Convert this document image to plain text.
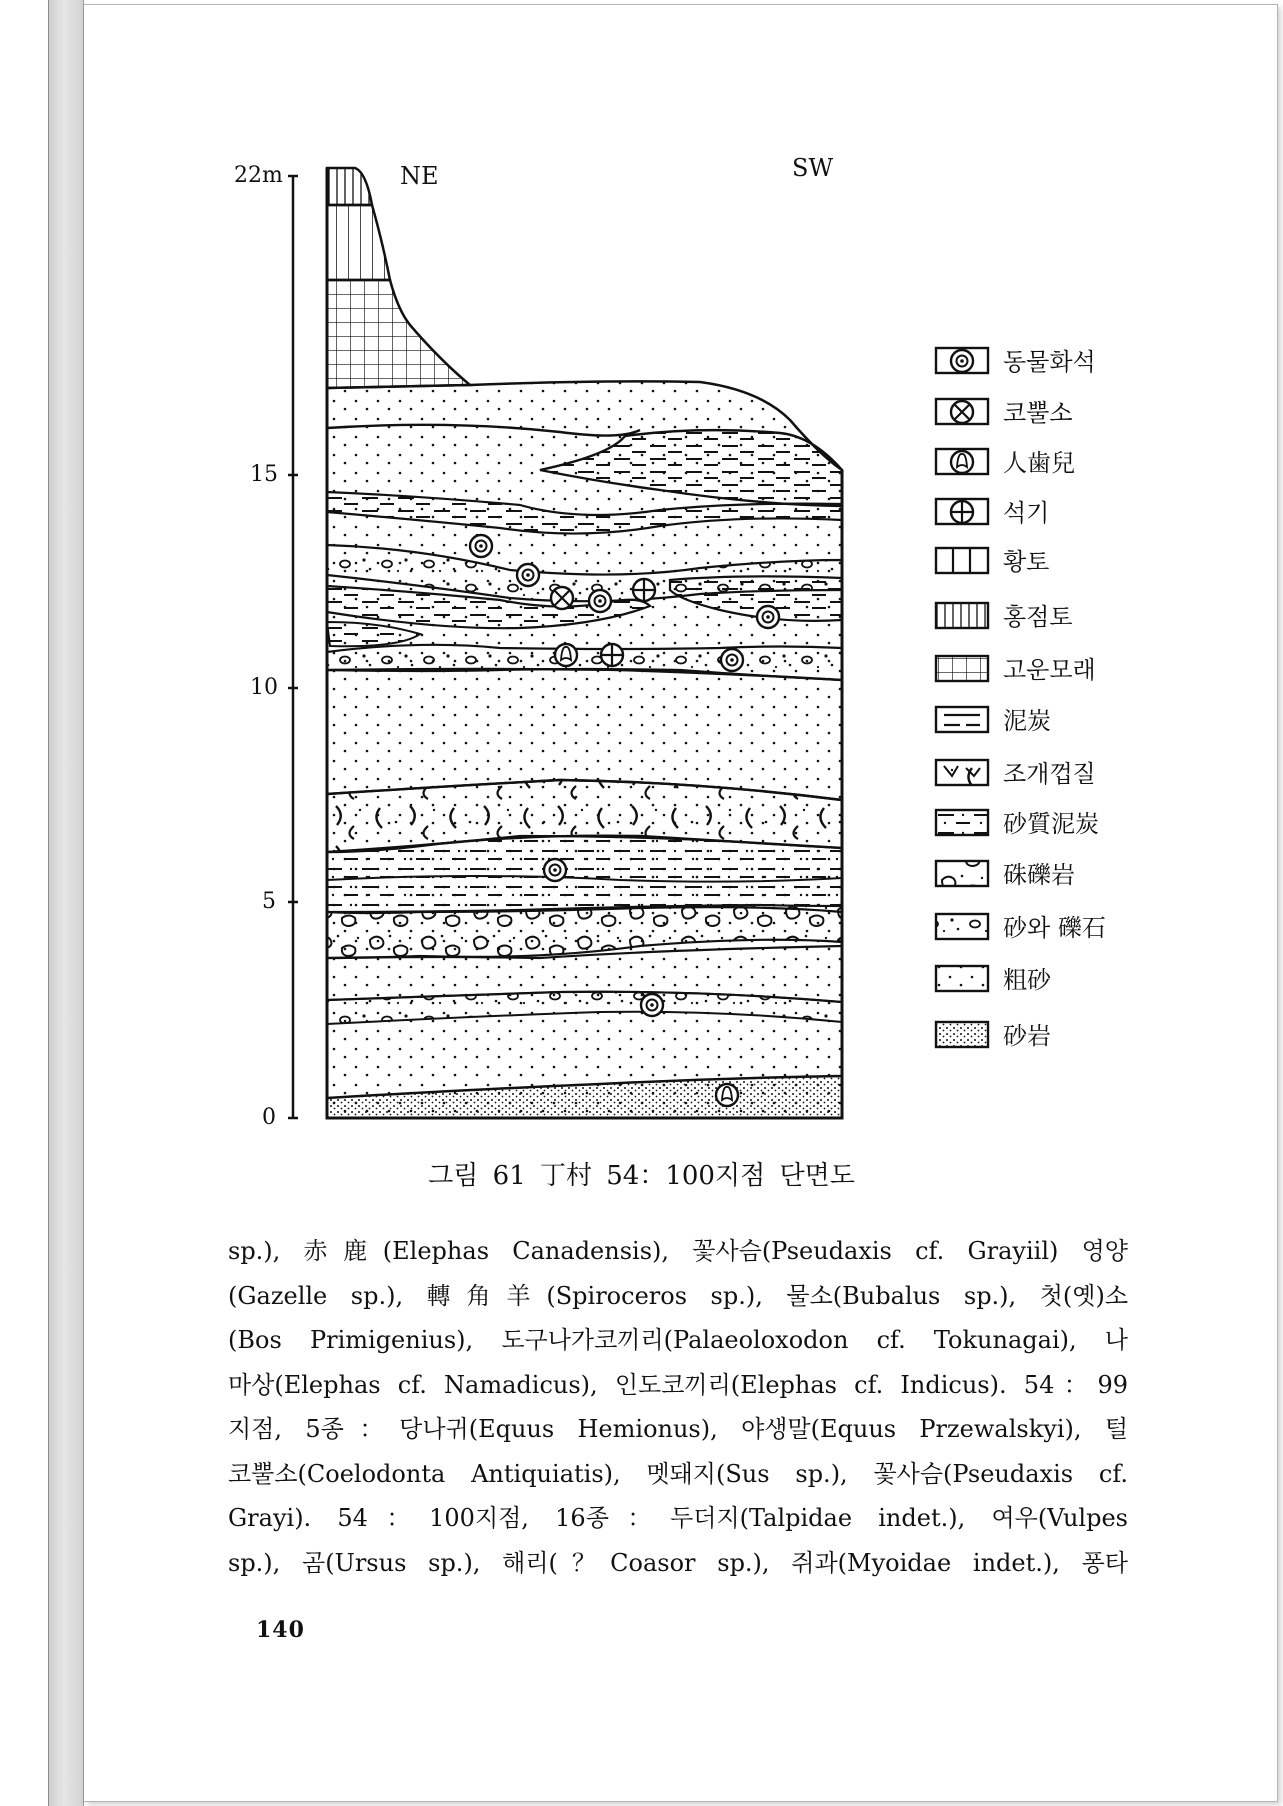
22m
15
10
5
0
NE	SW
동물화석
코뿔소
人歯兒
석기
황토
홍점토
고운모래
泥炭
조개껍질
砂質泥炭
硃礫岩
砂와 礫石
粗砂
砂岩
그림 61 丁村 54：100지점 단면도
sp.), 赤鹿(Elephas Canadensis), 꽃사슴(Pseudaxis cf. Grayiil) 영양
(Gazelle sp.), 轉角羊(Spiroceros sp.), 물소(Bubalus sp.), 첫(옛)소
(Bos Primigenius), 도구나가코끼리(Palaeoloxodon cf. Tokunagai), 나
마상(Elephas cf. Namadicus), 인도코끼리(Elephas cf. Indicus). 54：99
지점, 5종：당나귀(Equus Hemionus), 야생말(Equus Przewalskyi), 털
코뿔소(Coelodonta Antiquiatis), 멧돼지(Sus sp.), 꽃사슴(Pseudaxis cf.
Grayi). 54：100지점, 16종：두더지(Talpidae indet.), 여우(Vulpes
sp.), 곰(Ursus sp.), 해리(？Coasor sp.), 쥐과(Myoidae indet.), 퐁타
140
